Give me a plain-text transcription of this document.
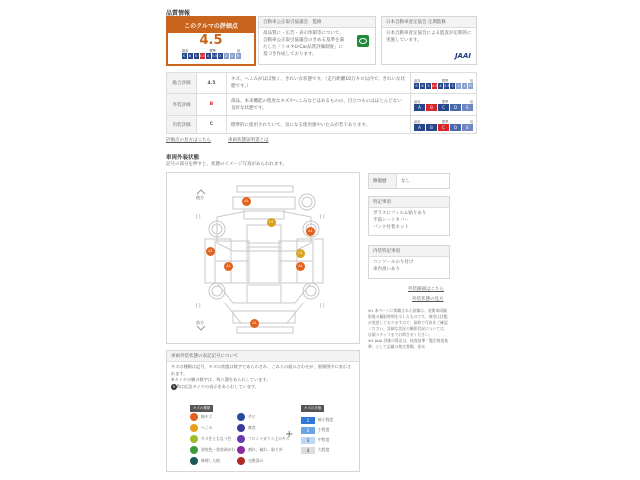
品質情報
このクルマの評価点
4.5
最高	標準	低
S	6	5 4.5 4 3.5 3	2	1	R
自動車公正取引協議会　監修
高品質に・広告・表示体制等について、自動車公正取引協議会のきめる基準を満たした「トヨタU-Car品質評価制度」に基づき作成しております。
日本自動車査定協会 定期監修
日本自動車査定協会による監査が定期的に実施しています。
JAAI
総合評価	4.5	キズ、へこみがほぼ無く、きれいな状態です。（走行距離10万キロ以内で、きれいな状態です。）	
最高	標準	低
S	6	5 4.5 4 3.5 3	2	1	R

外装評価	B	部品、本来機能の程度なキズやへこみなどはあるものの、目立つものはほとんどない良好な状態です。	
最高	標準	低
A	B	C	D	E

内装評価	C	標準的に使用されていて、気になる使用感やいたみが若干あります。	
最高	標準	低
A	B	C	D	E
評価点の見方はこちら	車両状態証明書とは
車両外装状態
記号の部分を押すと、状態のイメージ写真があらわれます。
後方
前方
[ ]	[ ]
[ ]	[ ]
A1
U1
A1
A1	U1
A1	A1
A1
修復歴	なし
特記事項
ガラスにフィルム貼りあり
手前シートカバー
バンク付着ネット
内装特記事項
コンソールのり付け
車内臭いあり
外装細部はこちら
外装状態の見方
※1 本ページに掲載された画像は、展開車両撮影後の撮影時期を示したものです。乗用は状態が変更しておりますので、最新で写真をご確認ください。詳細な状況の撮影状況については、店頭スタッフまでお問合せください。
※2 JAAI 評価の算出は、検査基準「鑑定検査基準」として記載の検定書類。巻末
車両外装状態の表記記号について
キズの種類は記号、キズの状態は数字であらわされ、これらの組み合わせが、展開図中に表示されます。
※タイヤの横の数字は、残り溝をあらわしています。
R Rは応急タイヤの表示をあらわしています。
キズの種類
線キズ
へこみ
キズをともなう凹
塗装色・塗装剥がれ
修理した痕
サビ
腐食
フロントガラス上のキズ
割れ、破れ、取り外
交換済み
+
キズの状態
1	極小程度
2	小程度
3	中程度
4	大程度
